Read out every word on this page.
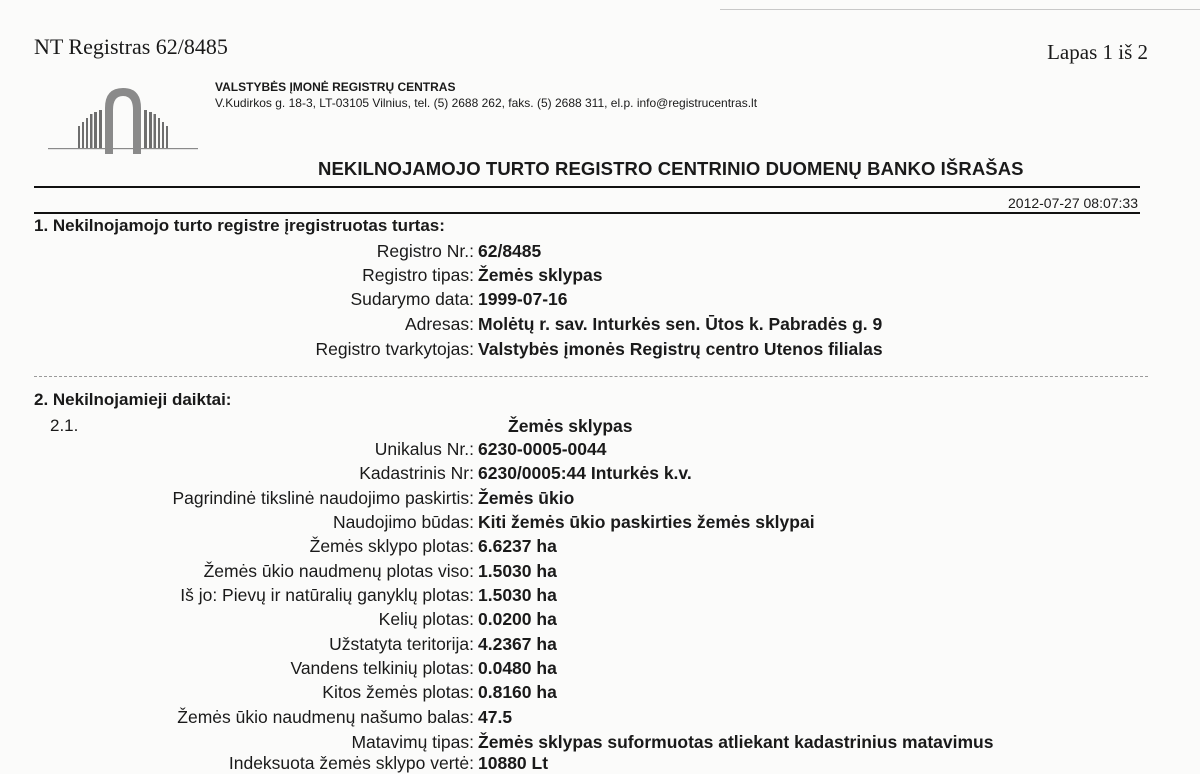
NT Registras 62/8485	Lapas 1 iš 2
VALSTYBĖS ĮMONĖ REGISTRŲ CENTRAS
V.Kudirkos g. 18-3, LT-03105 Vilnius, tel. (5) 2688 262, faks. (5) 2688 311, el.p. info@registrucentras.lt
NEKILNOJAMOJO TURTO REGISTRO CENTRINIO DUOMENŲ BANKO IŠRAŠAS
2012-07-27 08:07:33
1. Nekilnojamojo turto registre įregistruotas turtas:
Registro Nr.: 62/8485
Registro tipas: Žemės sklypas
Sudarymo data: 1999-07-16
Adresas: Molėtų r. sav. Inturkės sen. Ūtos k. Pabradės g. 9
Registro tvarkytojas: Valstybės įmonės Registrų centro Utenos filialas
2. Nekilnojamieji daiktai:
2.1.	Žemės sklypas
Unikalus Nr.: 6230-0005-0044
Kadastrinis Nr: 6230/0005:44 Inturkės k.v.
Pagrindinė tikslinė naudojimo paskirtis: Žemės ūkio
Naudojimo būdas: Kiti žemės ūkio paskirties žemės sklypai
Žemės sklypo plotas: 6.6237 ha
Žemės ūkio naudmenų plotas viso: 1.5030 ha
Iš jo: Pievų ir natūralių ganyklų plotas: 1.5030 ha
Kelių plotas: 0.0200 ha
Užstatyta teritorija: 4.2367 ha
Vandens telkinių plotas: 0.0480 ha
Kitos žemės plotas: 0.8160 ha
Žemės ūkio naudmenų našumo balas: 47.5
Matavimų tipas: Žemės sklypas suformuotas atliekant kadastrinius matavimus
Indeksuota žemės sklypo vertė: 10880 Lt
